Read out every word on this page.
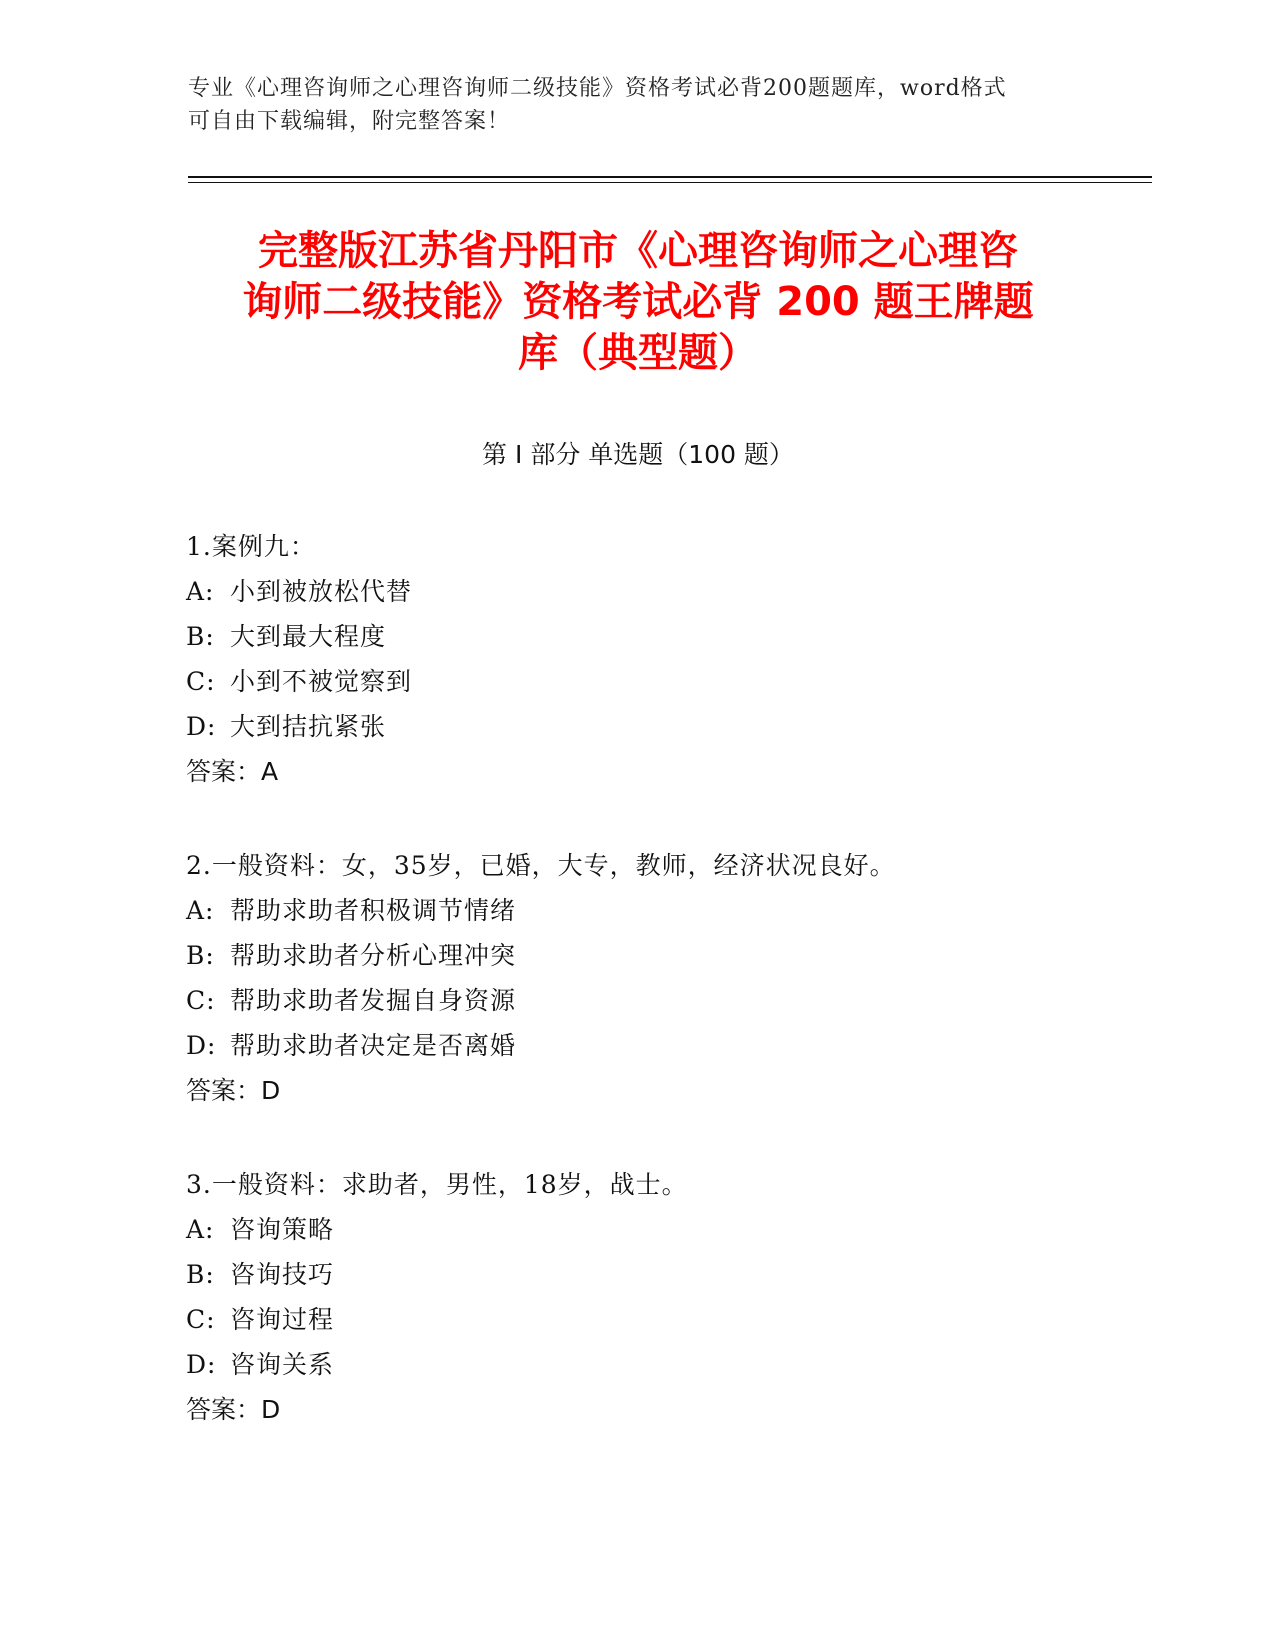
专业《心理咨询师之心理咨询师二级技能》资格考试必背200题题库，word格式
可自由下载编辑，附完整答案！
完整版江苏省丹阳市《心理咨询师之心理咨
询师二级技能》资格考试必背 200 题王牌题
库（典型题）
第 I 部分 单选题（100 题）
1.案例九：
A: 小到被放松代替
B: 大到最大程度
C: 小到不被觉察到
D: 大到拮抗紧张
答案：A
2.一般资料：女，35岁，已婚，大专，教师，经济状况良好。
A: 帮助求助者积极调节情绪
B: 帮助求助者分析心理冲突
C: 帮助求助者发掘自身资源
D: 帮助求助者决定是否离婚
答案：D
3.一般资料：求助者，男性，18岁，战士。
A: 咨询策略
B: 咨询技巧
C: 咨询过程
D: 咨询关系
答案：D
